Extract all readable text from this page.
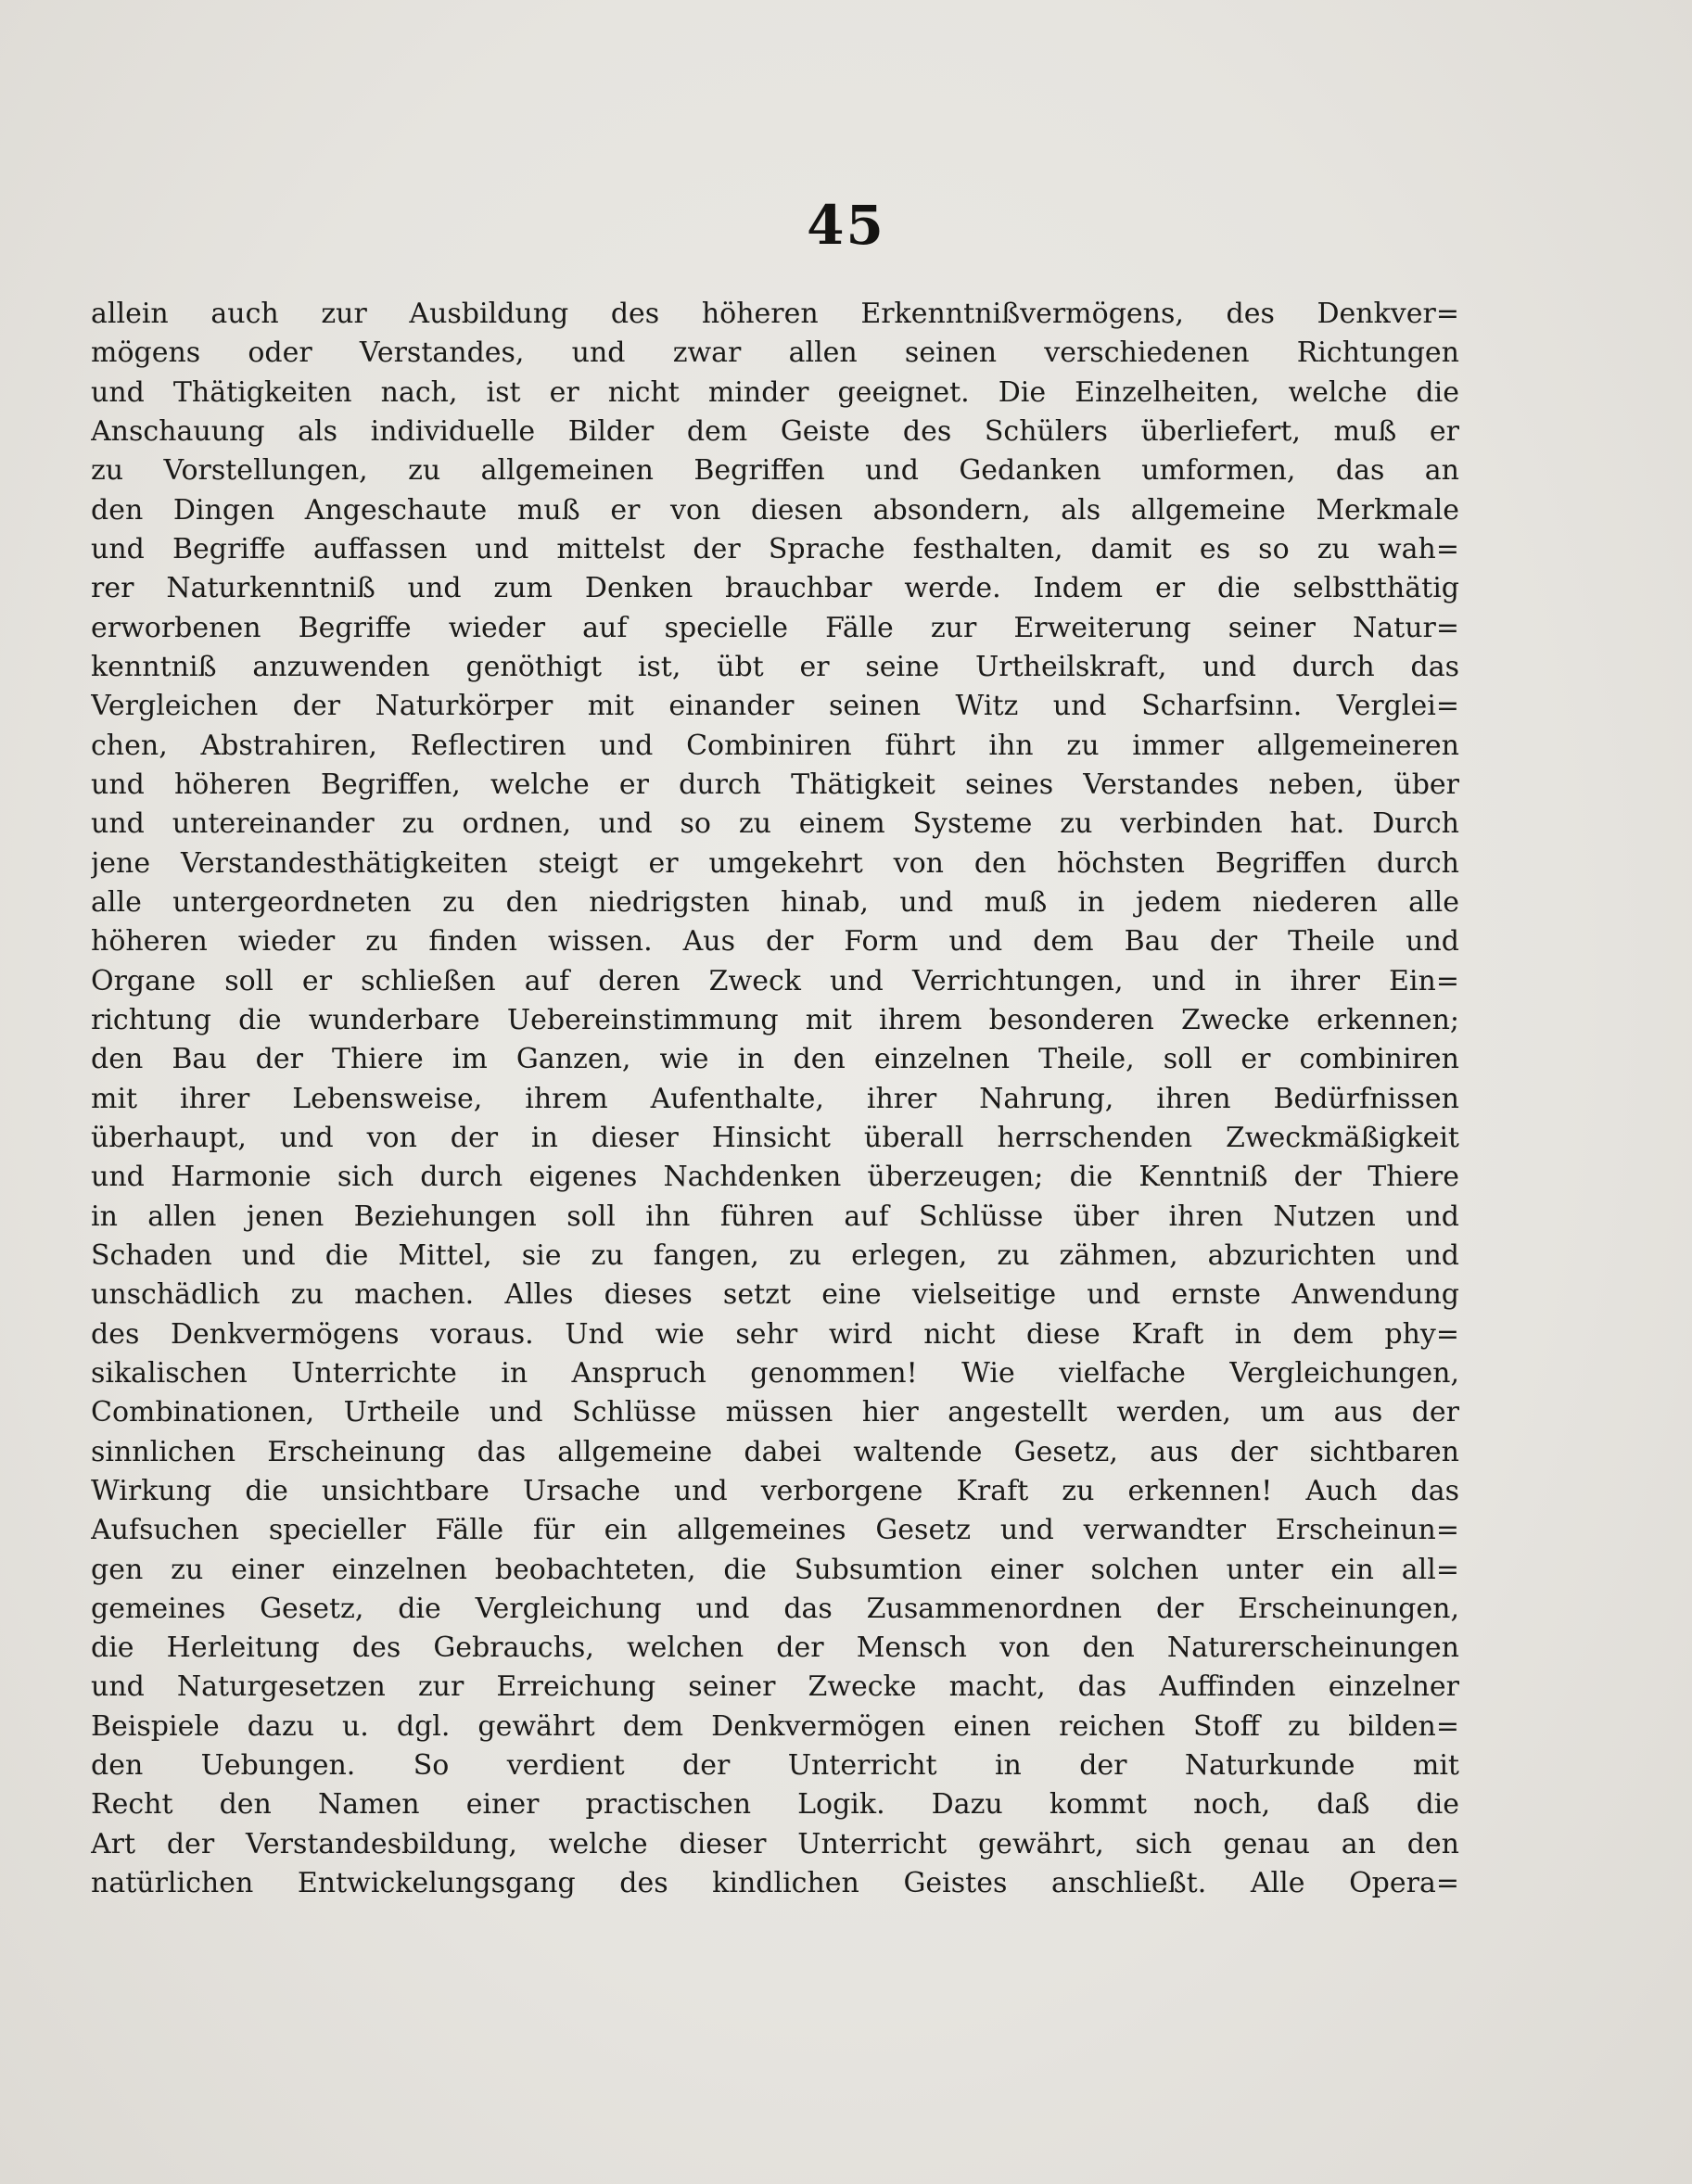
45
allein auch zur Ausbildung des höheren Erkenntnißvermögens, des Denkver=
mögens oder Verstandes, und zwar allen seinen verschiedenen Richtungen
und Thätigkeiten nach, ist er nicht minder geeignet. Die Einzelheiten, welche die
Anschauung als individuelle Bilder dem Geiste des Schülers überliefert, muß er
zu Vorstellungen, zu allgemeinen Begriffen und Gedanken umformen, das an
den Dingen Angeschaute muß er von diesen absondern, als allgemeine Merkmale
und Begriffe auffassen und mittelst der Sprache festhalten, damit es so zu wah=
rer Naturkenntniß und zum Denken brauchbar werde. Indem er die selbstthätig
erworbenen Begriffe wieder auf specielle Fälle zur Erweiterung seiner Natur=
kenntniß anzuwenden genöthigt ist, übt er seine Urtheilskraft, und durch das
Vergleichen der Naturkörper mit einander seinen Witz und Scharfsinn. Verglei=
chen, Abstrahiren, Reflectiren und Combiniren führt ihn zu immer allgemeineren
und höheren Begriffen, welche er durch Thätigkeit seines Verstandes neben, über
und untereinander zu ordnen, und so zu einem Systeme zu verbinden hat. Durch
jene Verstandesthätigkeiten steigt er umgekehrt von den höchsten Begriffen durch
alle untergeordneten zu den niedrigsten hinab, und muß in jedem niederen alle
höheren wieder zu finden wissen. Aus der Form und dem Bau der Theile und
Organe soll er schließen auf deren Zweck und Verrichtungen, und in ihrer Ein=
richtung die wunderbare Uebereinstimmung mit ihrem besonderen Zwecke erkennen;
den Bau der Thiere im Ganzen, wie in den einzelnen Theile, soll er combiniren
mit ihrer Lebensweise, ihrem Aufenthalte, ihrer Nahrung, ihren Bedürfnissen
überhaupt, und von der in dieser Hinsicht überall herrschenden Zweckmäßigkeit
und Harmonie sich durch eigenes Nachdenken überzeugen; die Kenntniß der Thiere
in allen jenen Beziehungen soll ihn führen auf Schlüsse über ihren Nutzen und
Schaden und die Mittel, sie zu fangen, zu erlegen, zu zähmen, abzurichten und
unschädlich zu machen. Alles dieses setzt eine vielseitige und ernste Anwendung
des Denkvermögens voraus. Und wie sehr wird nicht diese Kraft in dem phy=
sikalischen Unterrichte in Anspruch genommen! Wie vielfache Vergleichungen,
Combinationen, Urtheile und Schlüsse müssen hier angestellt werden, um aus der
sinnlichen Erscheinung das allgemeine dabei waltende Gesetz, aus der sichtbaren
Wirkung die unsichtbare Ursache und verborgene Kraft zu erkennen! Auch das
Aufsuchen specieller Fälle für ein allgemeines Gesetz und verwandter Erscheinun=
gen zu einer einzelnen beobachteten, die Subsumtion einer solchen unter ein all=
gemeines Gesetz, die Vergleichung und das Zusammenordnen der Erscheinungen,
die Herleitung des Gebrauchs, welchen der Mensch von den Naturerscheinungen
und Naturgesetzen zur Erreichung seiner Zwecke macht, das Auffinden einzelner
Beispiele dazu u. dgl. gewährt dem Denkvermögen einen reichen Stoff zu bilden=
den Uebungen. So verdient der Unterricht in der Naturkunde mit
Recht den Namen einer practischen Logik. Dazu kommt noch, daß die
Art der Verstandesbildung, welche dieser Unterricht gewährt, sich genau an den
natürlichen Entwickelungsgang des kindlichen Geistes anschließt. Alle Opera=
